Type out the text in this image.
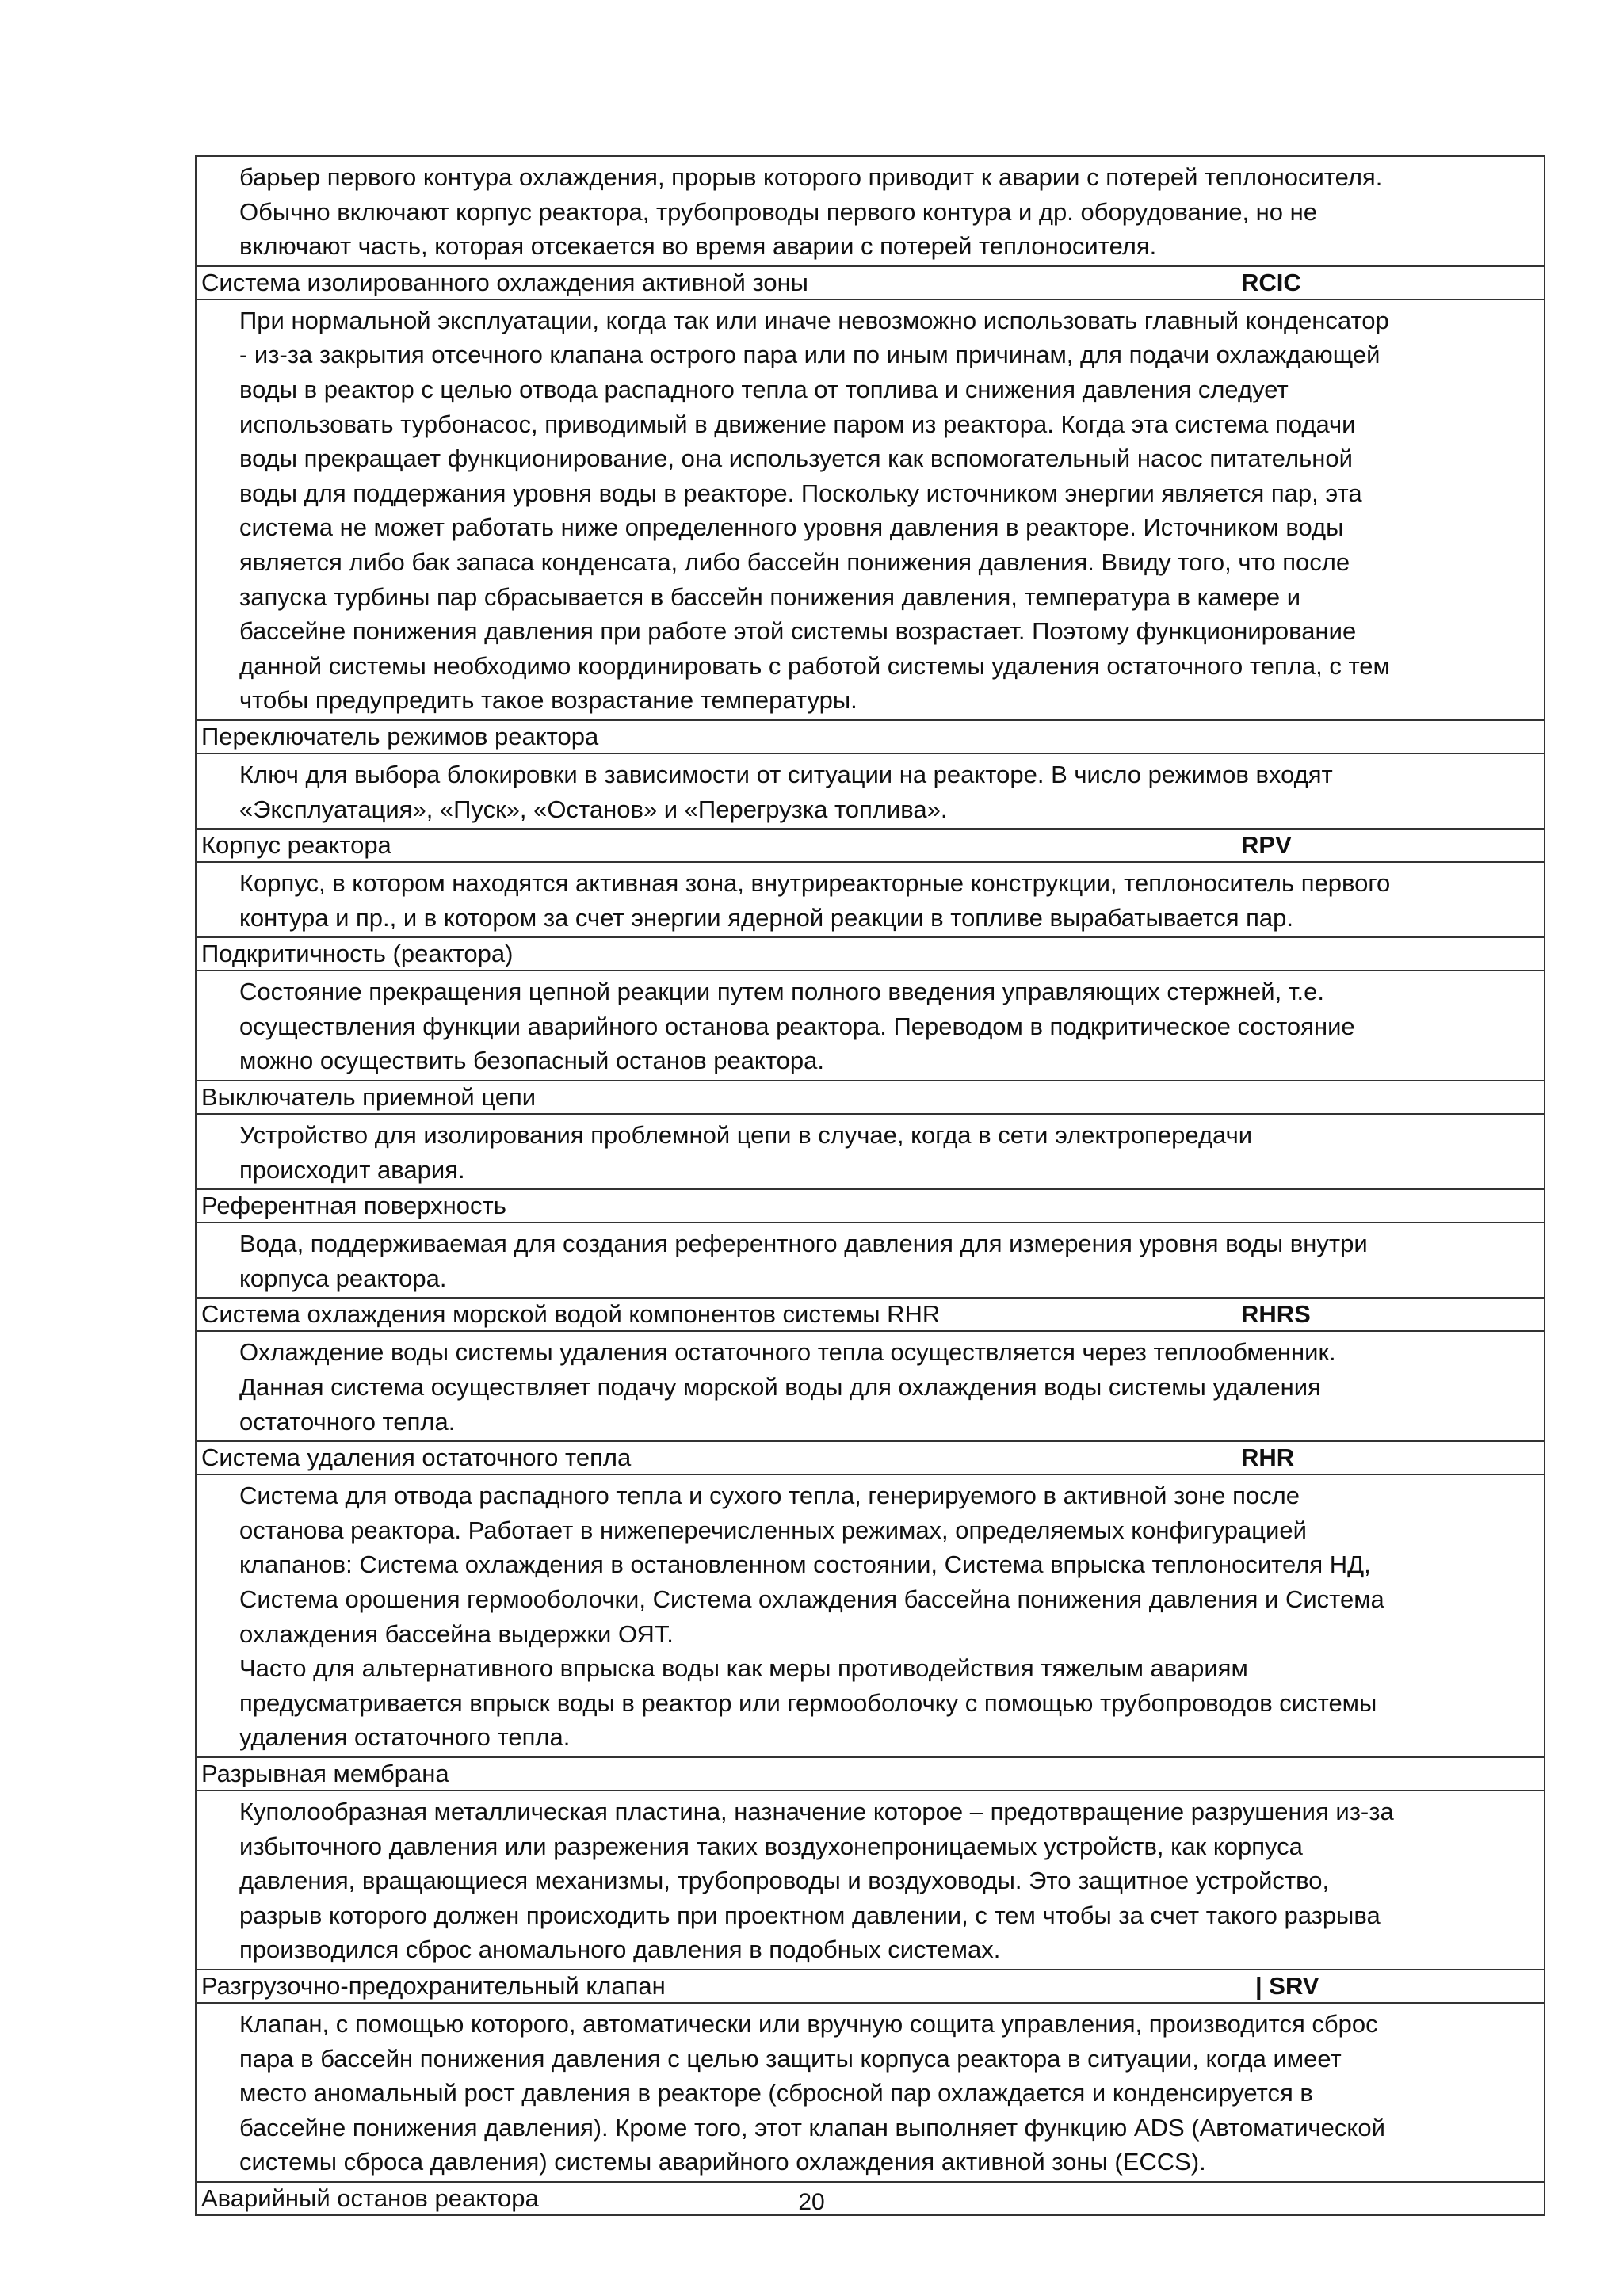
барьер первого контура охлаждения, прорыв которого приводит к аварии с потерей теплоносителя.
Обычно включают корпус реактора, трубопроводы первого контура и др. оборудование, но не
включают часть, которая отсекается во время аварии с потерей теплоносителя.
Система изолированного охлаждения активной зоны	RCIC
При нормальной эксплуатации, когда так или иначе невозможно использовать главный конденсатор
- из-за закрытия отсечного клапана острого пара или по иным причинам, для подачи охлаждающей
воды в реактор с целью отвода распадного тепла от топлива и снижения давления следует
использовать турбонасос, приводимый в движение паром из реактора. Когда эта система подачи
воды прекращает функционирование, она используется как вспомогательный насос питательной
воды для поддержания уровня воды в реакторе. Поскольку источником энергии является пар, эта
система не может работать ниже определенного уровня давления в реакторе. Источником воды
является либо бак запаса конденсата, либо бассейн понижения давления. Ввиду того, что после
запуска турбины пар сбрасывается в бассейн понижения давления, температура в камере и
бассейне понижения давления при работе этой системы возрастает. Поэтому функционирование
данной системы необходимо координировать с работой системы удаления остаточного тепла, с тем
чтобы предупредить такое возрастание температуры.
Переключатель режимов реактора
Ключ для выбора блокировки в зависимости от ситуации на реакторе. В число режимов входят
«Эксплуатация», «Пуск», «Останов» и «Перегрузка топлива».
Корпус реактора	RPV
Корпус, в котором находятся активная зона, внутриреакторные конструкции, теплоноситель первого
контура и пр., и в котором за счет энергии ядерной реакции в топливе вырабатывается пар.
Подкритичность (реактора)
Состояние прекращения цепной реакции путем полного введения управляющих стержней, т.е.
осуществления функции аварийного останова реактора. Переводом в подкритическое состояние
можно осуществить безопасный останов реактора.
Выключатель приемной цепи
Устройство для изолирования проблемной цепи в случае, когда в сети электропередачи
происходит авария.
Референтная поверхность
Вода, поддерживаемая для создания референтного давления для измерения уровня воды внутри
корпуса реактора.
Система охлаждения морской водой компонентов системы RHR	RHRS
Охлаждение воды системы удаления остаточного тепла осуществляется через теплообменник.
Данная система осуществляет подачу морской воды для охлаждения воды системы удаления
остаточного тепла.
Система удаления остаточного тепла	RHR
Система для отвода распадного тепла и сухого тепла, генерируемого в активной зоне после
останова реактора. Работает в нижеперечисленных режимах, определяемых конфигурацией
клапанов: Система охлаждения в остановленном состоянии, Система впрыска теплоносителя НД,
Система орошения гермооболочки, Система охлаждения бассейна понижения давления и Система
охлаждения бассейна выдержки ОЯТ.
Часто для альтернативного впрыска воды как меры противодействия тяжелым авариям
предусматривается впрыск воды в реактор или гермооболочку с помощью трубопроводов системы
удаления остаточного тепла.
Разрывная мембрана
Куполообразная металлическая пластина, назначение которое – предотвращение разрушения из-за
избыточного давления или разрежения таких воздухонепроницаемых устройств, как корпуса
давления, вращающиеся механизмы, трубопроводы и воздуховоды. Это защитное устройство,
разрыв которого должен происходить при проектном давлении, с тем чтобы за счет такого разрыва
производился сброс аномального давления в подобных системах.
Разгрузочно-предохранительный клапан	| SRV
Клапан, с помощью которого, автоматически или вручную сощита управления, производится сброс
пара в бассейн понижения давления с целью защиты корпуса реактора в ситуации, когда имеет
место аномальный рост давления в реакторе (сбросной пар охлаждается и конденсируется в
бассейне понижения давления). Кроме того, этот клапан выполняет функцию ADS (Автоматической
системы сброса давления) системы аварийного охлаждения активной зоны (ECCS).
Аварийный останов реактора	20
